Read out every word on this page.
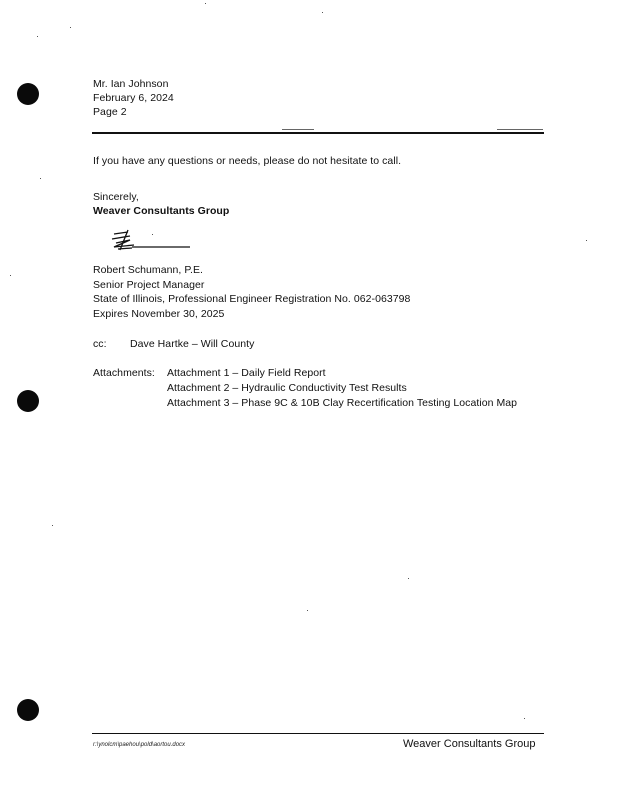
Mr. Ian Johnson
February 6, 2024
Page 2
If you have any questions or needs, please do not hesitate to call.
Sincerely,
Weaver Consultants Group
Robert Schumann, P.E.
Senior Project Manager
State of Illinois, Professional Engineer Registration No. 062-063798
Expires November 30, 2025
cc: Dave Hartke – Will County
Attachments: Attachment 1 – Daily Field Report
Attachment 2 – Hydraulic Conductivity Test Results
Attachment 3 – Phase 9C & 10B Clay Recertification Testing Location Map
r:\ynolcm\paehou\pold\aortou.docx	Weaver Consultants Group
